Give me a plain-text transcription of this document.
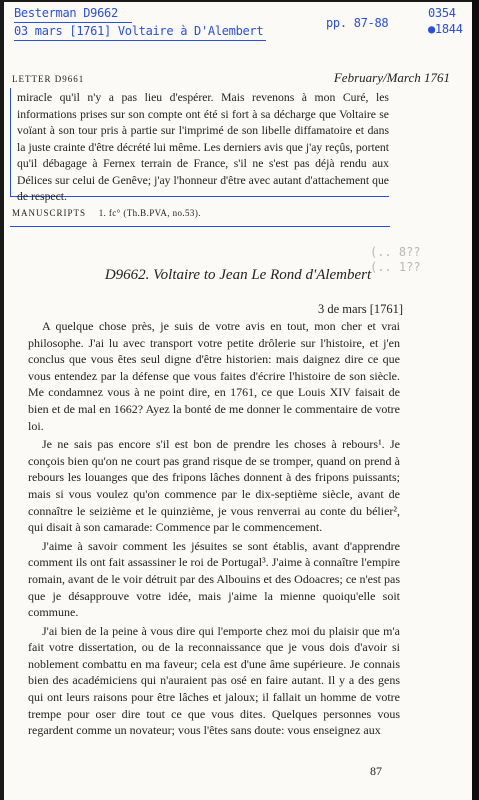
Besterman D9662
03 mars [1761] Voltaire à D'Alembert
pp. 87-88
0354
●1844
LETTER D9661	February/March 1761
miracle qu'il n'y a pas lieu d'espérer. Mais revenons à mon Curé, les informations prises sur son compte ont été si fort à sa décharge que Voltaire se voïant à son tour pris à partie sur l'imprimé de son libelle diffamatoire et dans la juste crainte d'être décrété lui même. Les derniers avis que j'ay reçûs, portent qu'il débagage à Fernex terrain de France, s'il ne s'est pas déjà rendu aux Délices sur celui de Genêve; j'ay l'honneur d'être avec autant d'attachement que de respect.
MANUSCRIPTS 1. fc° (Th.B.PVA, no.53).
(.. 8??
(.. 1??
D9662. Voltaire to Jean Le Rond d'Alembert
3 de mars [1761]

A quelque chose près, je suis de votre avis en tout, mon cher et vrai philosophe. J'ai lu avec transport votre petite drôlerie sur l'histoire, et j'en conclus que vous êtes seul digne d'être historien: mais daignez dire ce que vous entendez par la défense que vous faites d'écrire l'histoire de son siècle. Me condamnez vous à ne point dire, en 1761, ce que Louis XIV faisait de bien et de mal en 1662? Ayez la bonté de me donner le commentaire de votre loi.

Je ne sais pas encore s'il est bon de prendre les choses à rebours¹. Je conçois bien qu'on ne court pas grand risque de se tromper, quand on prend à rebours les louanges que des fripons lâches donnent à des fripons puissants; mais si vous voulez qu'on commence par le dix-septième siècle, avant de connaître le seizième et le quinzième, je vous renverrai au conte du bélier², qui disait à son camarade: Commence par le commencement.

J'aime à savoir comment les jésuites se sont établis, avant d'apprendre comment ils ont fait assassiner le roi de Portugal³. J'aime à connaître l'empire romain, avant de le voir détruit par des Albouins et des Odoacres; ce n'est pas que je désapprouve votre idée, mais j'aime la mienne quoiqu'elle soit commune.

J'ai bien de la peine à vous dire qui l'emporte chez moi du plaisir que m'a fait votre dissertation, ou de la reconnaissance que je vous dois d'avoir si noblement combattu en ma faveur; cela est d'une âme supérieure. Je connais bien des académiciens qui n'auraient pas osé en faire autant. Il y a des gens qui ont leurs raisons pour être lâches et jaloux; il fallait un homme de votre trempe pour oser dire tout ce que vous dites. Quelques personnes vous regardent comme un novateur; vous l'êtes sans doute: vous enseignez aux

87
